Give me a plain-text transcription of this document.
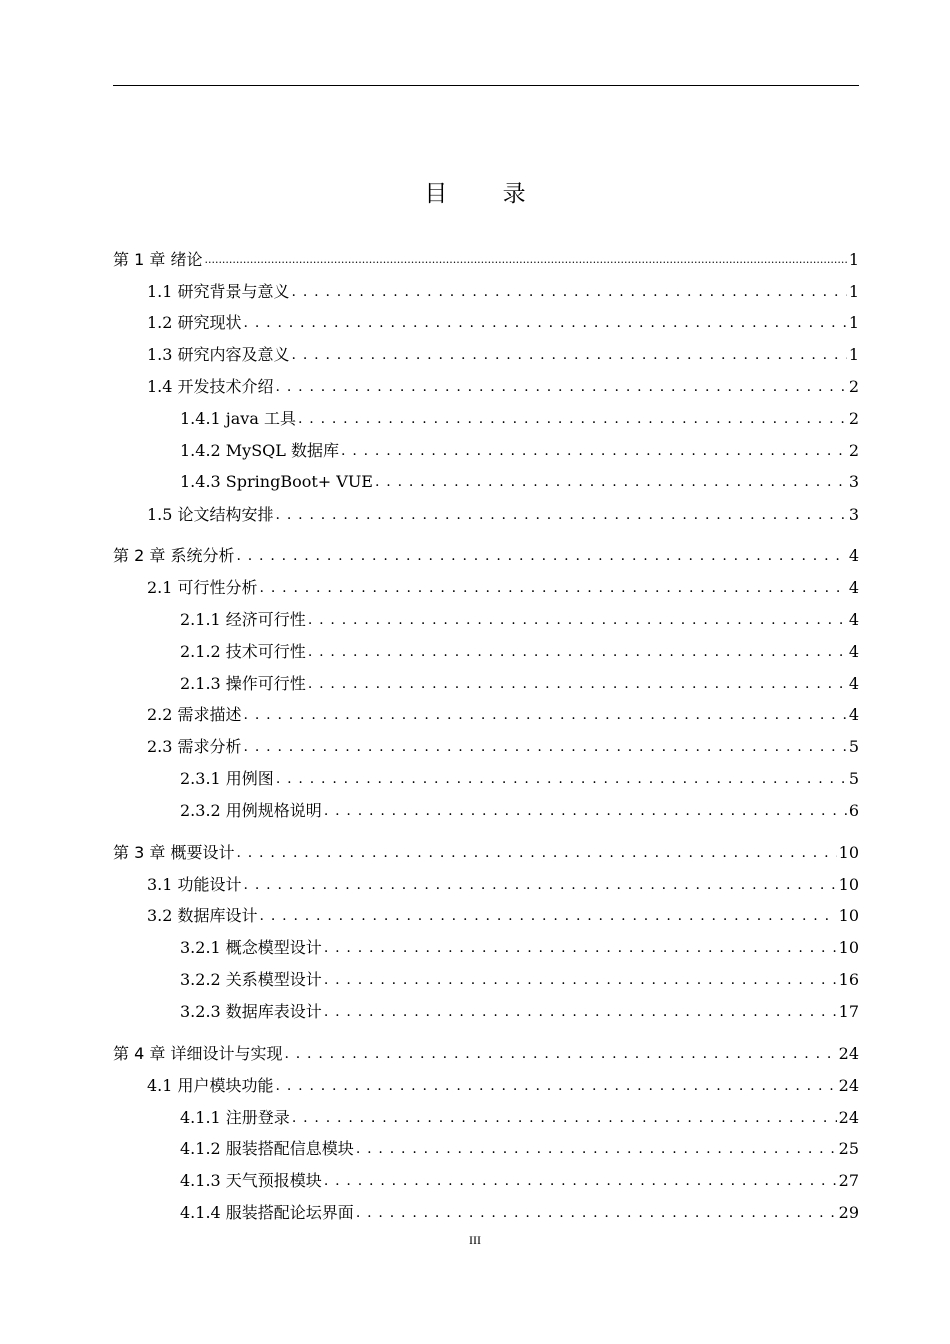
目 录
第 1 章 绪论 .....	1
1.1 研究背景与意义 . . .	1
1.2 研究现状 . . .	1
1.3 研究内容及意义 . . .	1
1.4 开发技术介绍 . . .	2
1.4.1 java 工具 . . .	2
1.4.2 MySQL 数据库 . . .	2
1.4.3 SpringBoot+ VUE . . .	3
1.5 论文结构安排 . . .	3
第 2 章 系统分析 . . .	4
2.1 可行性分析 . . .	4
2.1.1 经济可行性 . . .	4
2.1.2 技术可行性 . . .	4
2.1.3 操作可行性 . . .	4
2.2 需求描述 . . .	4
2.3 需求分析 . . .	5
2.3.1 用例图 . . .	5
2.3.2 用例规格说明 . . .	6
第 3 章 概要设计 . . .	10
3.1 功能设计 . . .	10
3.2 数据库设计 . . .	10
3.2.1 概念模型设计 . . .	10
3.2.2 关系模型设计 . . .	16
3.2.3 数据库表设计 . . .	17
第 4 章 详细设计与实现 . . .	24
4.1 用户模块功能 . . .	24
4.1.1 注册登录 . . .	24
4.1.2 服装搭配信息模块 . . .	25
4.1.3 天气预报模块 . . .	27
4.1.4 服装搭配论坛界面 . . .	29
III
